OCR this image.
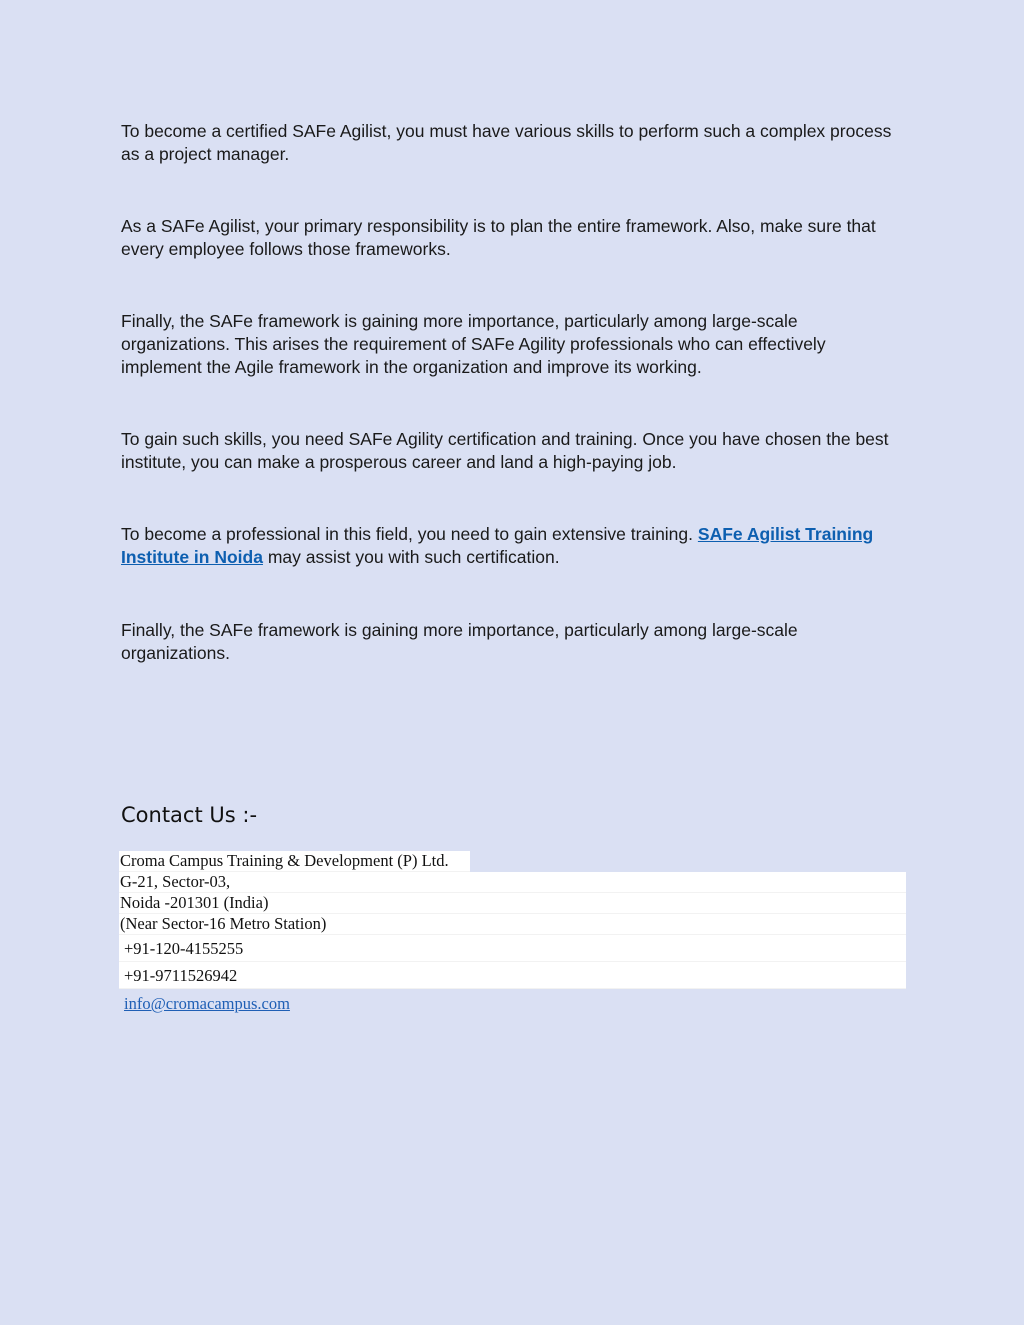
To become a certified SAFe Agilist, you must have various skills to perform such a complex process as a project manager.

As a SAFe Agilist, your primary responsibility is to plan the entire framework. Also, make sure that every employee follows those frameworks.

Finally, the SAFe framework is gaining more importance, particularly among large-scale organizations. This arises the requirement of SAFe Agility professionals who can effectively implement the Agile framework in the organization and improve its working.

To gain such skills, you need SAFe Agility certification and training. Once you have chosen the best institute, you can make a prosperous career and land a high-paying job.

To become a professional in this field, you need to gain extensive training. SAFe Agilist Training Institute in Noida may assist you with such certification.

Finally, the SAFe framework is gaining more importance, particularly among large-scale organizations.

Contact Us :-
Croma Campus Training & Development (P) Ltd.
G-21, Sector-03,
Noida -201301 (India)
(Near Sector-16 Metro Station)
+91-120-4155255
+91-9711526942
info@cromacampus.com
